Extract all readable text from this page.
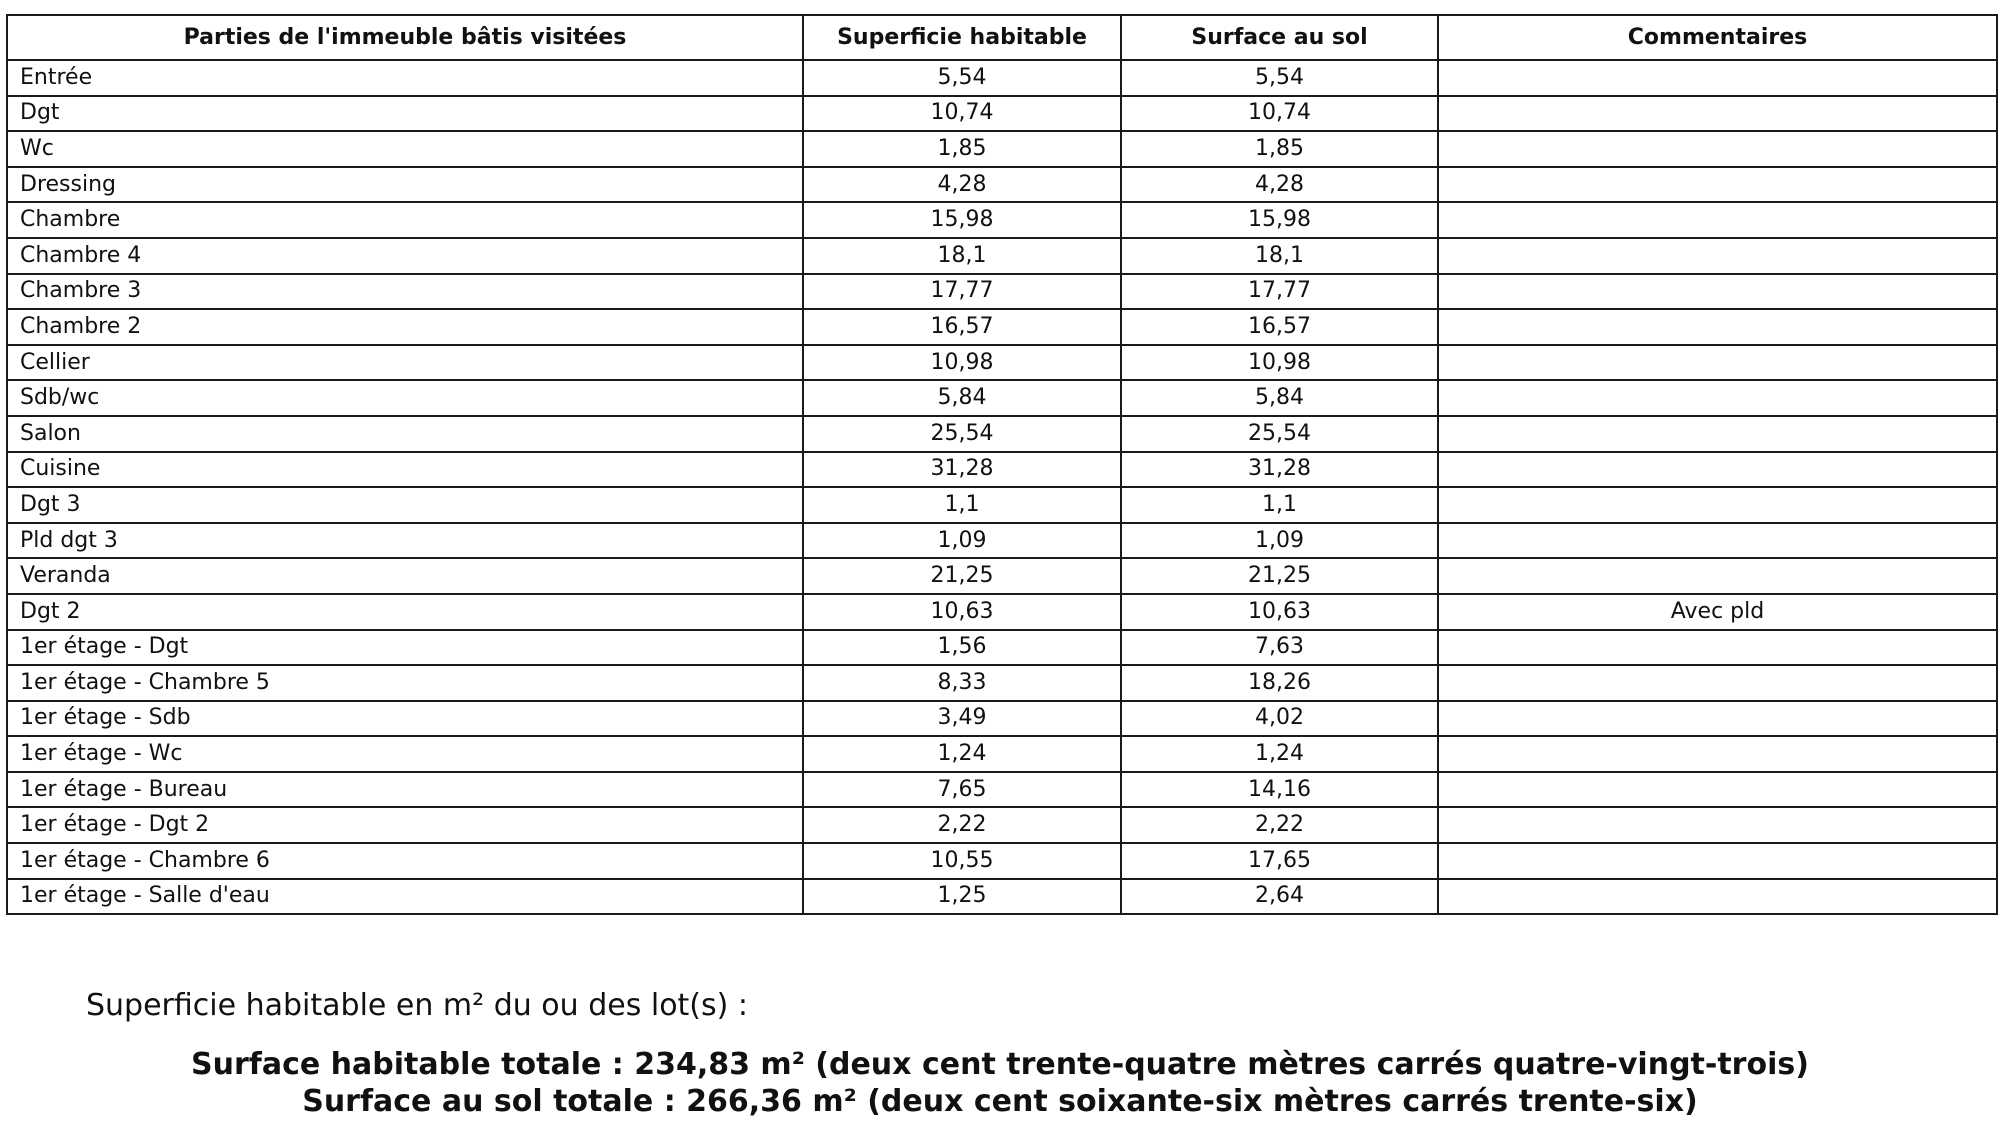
Parties de l'immeuble bâtis visitées	Superficie habitable	Surface au sol	Commentaires
Entrée	5,54	5,54	
Dgt	10,74	10,74	
Wc	1,85	1,85	
Dressing	4,28	4,28	
Chambre	15,98	15,98	
Chambre 4	18,1	18,1	
Chambre 3	17,77	17,77	
Chambre 2	16,57	16,57	
Cellier	10,98	10,98	
Sdb/wc	5,84	5,84	
Salon	25,54	25,54	
Cuisine	31,28	31,28	
Dgt 3	1,1	1,1	
Pld dgt 3	1,09	1,09	
Veranda	21,25	21,25	
Dgt 2	10,63	10,63	Avec pld
1er étage - Dgt	1,56	7,63	
1er étage - Chambre 5	8,33	18,26	
1er étage - Sdb	3,49	4,02	
1er étage - Wc	1,24	1,24	
1er étage - Bureau	7,65	14,16	
1er étage - Dgt 2	2,22	2,22	
1er étage - Chambre 6	10,55	17,65	
1er étage - Salle d'eau	1,25	2,64	
Superficie habitable en m² du ou des lot(s) :
Surface habitable totale : 234,83 m² (deux cent trente-quatre mètres carrés quatre-vingt-trois)
Surface au sol totale : 266,36 m² (deux cent soixante-six mètres carrés trente-six)
